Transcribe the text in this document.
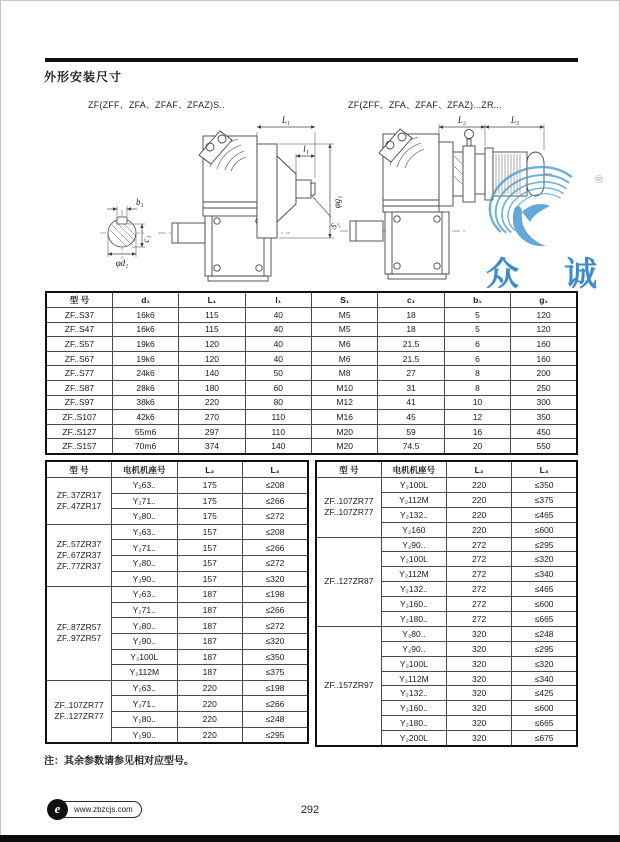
外形安装尺寸
ZF(ZFF、ZFA、ZFAF、ZFAZ)S..	ZF(ZFF、ZFA、ZFAF、ZFAZ)...ZR...
L₁
l₁
φg₁
S₂
b₁
c₁
φd₁
L₂	L₃
众 诚
®
型 号	d₁	L₁	l₁	S₁	c₁	b₁	g₁
ZF..S37	16k6	115	40	M5	18	5	120
ZF..S47	16k6	115	40	M5	18	5	120
ZF..S57	19k6	120	40	M6	21.5	6	160
ZF..S67	19k6	120	40	M6	21.5	6	160
ZF..S77	24k6	140	50	M8	27	8	200
ZF..S87	28k6	180	60	M10	31	8	250
ZF..S97	38k6	220	80	M12	41	10	300
ZF..S107	42k6	270	110	M16	45	12	350
ZF..S127	55m6	297	110	M20	59	16	450
ZF..S157	70m6	374	140	M20	74.5	20	550
型 号	电机机座号	L₂	L₃

ZF..37ZR17
ZF..47ZR17	Y₂63..	175	≤208
	Y₂71..	175	≤266
	Y₂80..	175	≤272

ZF..57ZR37
ZF..67ZR37
ZF..77ZR37	Y₂63..	157	≤208
	Y₂71..	157	≤266
	Y₂80..	157	≤272
	Y₂90..	157	≤320

ZF..87ZR57
ZF..97ZR57	Y₂63..	187	≤198
	Y₂71..	187	≤266
	Y₂80..	187	≤272
	Y₂90..	187	≤320
	Y₂100L	187	≤350
	Y₂112M	187	≤375

ZF..107ZR77
ZF..127ZR77	Y₂63..	220	≤198
	Y₂71..	220	≤266
	Y₂80..	220	≤248
	Y₂90..	220	≤295
型 号	电机机座号	L₂	L₃

ZF..107ZR77
ZF..107ZR77	Y₂100L	220	≤350
	Y₂112M	220	≤375
	Y₂132..	220	≤465
	Y₂160	220	≤600

ZF..127ZR87	Y₂90..	272	≤295
	Y₂100L	272	≤320
	Y₂112M	272	≤340
	Y₂132..	272	≤465
	Y₂160..	272	≤600
	Y₂180..	272	≤665

ZF..157ZR97	Y₂80..	320	≤248
	Y₂90..	320	≤295
	Y₂100L	320	≤320
	Y₂112M	320	≤340
	Y₂132..	320	≤425
	Y₂160..	320	≤600
	Y₂180..	320	≤665
	Y₂200L	320	≤675
注：其余参数请参见相对应型号。
www.zbzcjs.com
e	292
